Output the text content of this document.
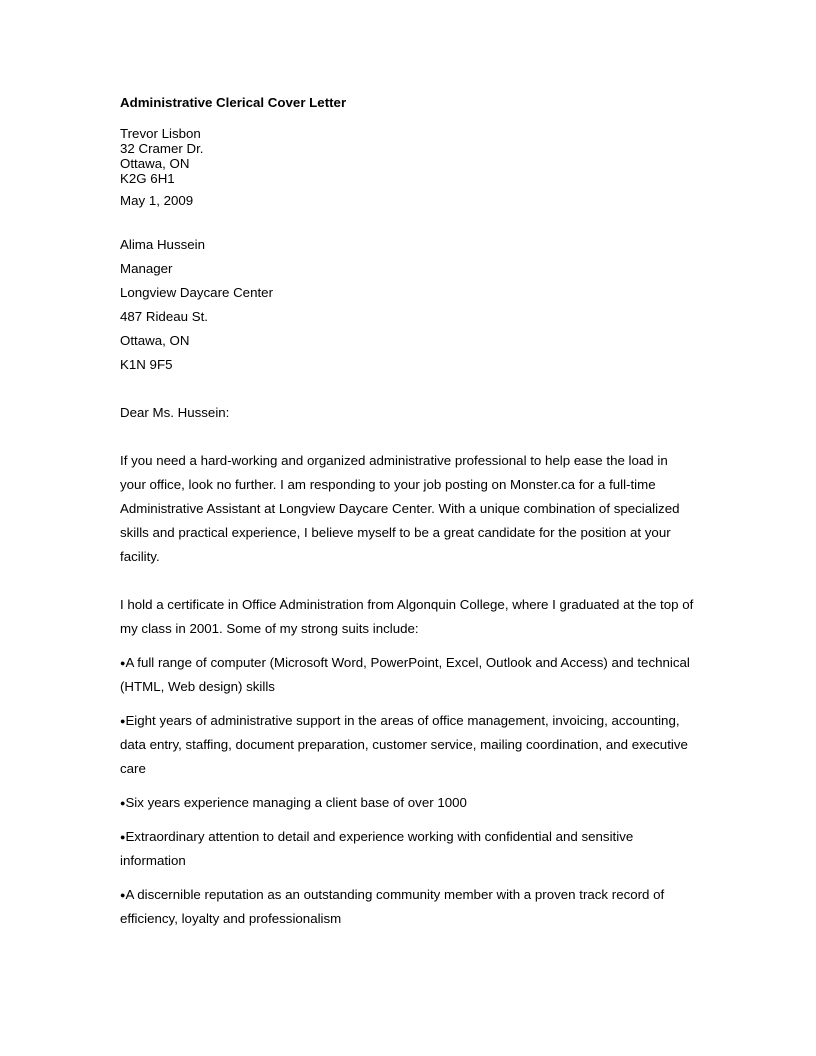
Administrative Clerical Cover Letter
Trevor Lisbon
32 Cramer Dr.
Ottawa, ON
K2G 6H1
May 1, 2009
Alima Hussein
Manager
Longview Daycare Center
487 Rideau St.
Ottawa, ON
K1N 9F5
Dear Ms. Hussein:
If you need a hard-working and organized administrative professional to help ease the load in your office, look no further. I am responding to your job posting on Monster.ca for a full-time Administrative Assistant at Longview Daycare Center. With a unique combination of specialized skills and practical experience, I believe myself to be a great candidate for the position at your facility.
I hold a certificate in Office Administration from Algonquin College, where I graduated at the top of my class in 2001. Some of my strong suits include:
●A full range of computer (Microsoft Word, PowerPoint, Excel, Outlook and Access) and technical (HTML, Web design) skills
●Eight years of administrative support in the areas of office management, invoicing, accounting, data entry, staffing, document preparation, customer service, mailing coordination, and executive care
●Six years experience managing a client base of over 1000
●Extraordinary attention to detail and experience working with confidential and sensitive information
●A discernible reputation as an outstanding community member with a proven track record of efficiency, loyalty and professionalism
